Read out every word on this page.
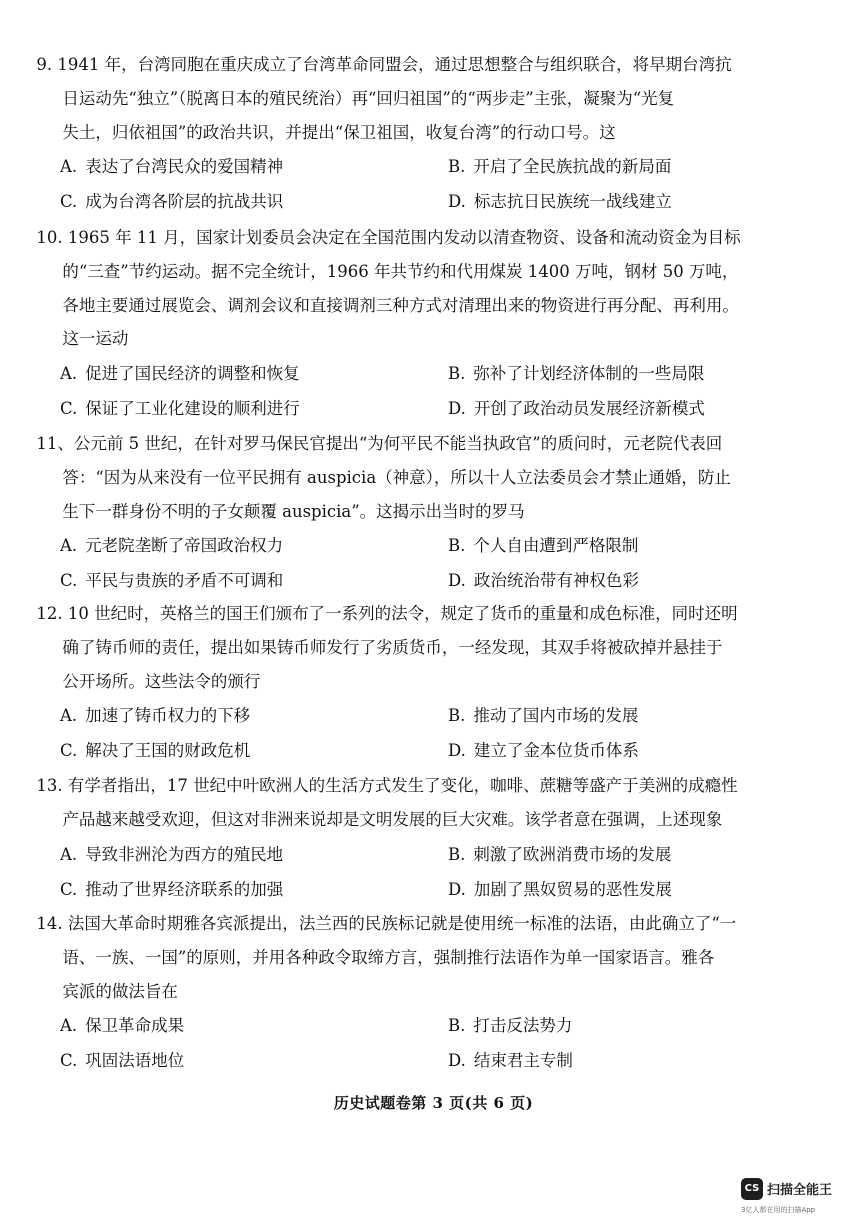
9. 1941 年，台湾同胞在重庆成立了台湾革命同盟会，通过思想整合与组织联合，将早期台湾抗
日运动先“独立”（脱离日本的殖民统治）再“回归祖国”的“两步走”主张，凝聚为“光复
失土，归依祖国”的政治共识，并提出“保卫祖国，收复台湾”的行动口号。这
A. 表达了台湾民众的爱国精神	B. 开启了全民族抗战的新局面
C. 成为台湾各阶层的抗战共识	D. 标志抗日民族统一战线建立
10. 1965 年 11 月，国家计划委员会决定在全国范围内发动以清查物资、设备和流动资金为目标
的“三查”节约运动。据不完全统计，1966 年共节约和代用煤炭 1400 万吨，钢材 50 万吨，
各地主要通过展览会、调剂会议和直接调剂三种方式对清理出来的物资进行再分配、再利用。
这一运动
A. 促进了国民经济的调整和恢复	B. 弥补了计划经济体制的一些局限
C. 保证了工业化建设的顺利进行	D. 开创了政治动员发展经济新模式
11、公元前 5 世纪，在针对罗马保民官提出“为何平民不能当执政官”的质问时，元老院代表回
答：“因为从来没有一位平民拥有 auspicia（神意），所以十人立法委员会才禁止通婚，防止
生下一群身份不明的子女颠覆 auspicia”。这揭示出当时的罗马
A. 元老院垄断了帝国政治权力	B. 个人自由遭到严格限制
C. 平民与贵族的矛盾不可调和	D. 政治统治带有神权色彩
12. 10 世纪时，英格兰的国王们颁布了一系列的法令，规定了货币的重量和成色标准，同时还明
确了铸币师的责任，提出如果铸币师发行了劣质货币，一经发现，其双手将被砍掉并悬挂于
公开场所。这些法令的颁行
A. 加速了铸币权力的下移	B. 推动了国内市场的发展
C. 解决了王国的财政危机	D. 建立了金本位货币体系
13. 有学者指出，17 世纪中叶欧洲人的生活方式发生了变化，咖啡、蔗糖等盛产于美洲的成瘾性
产品越来越受欢迎，但这对非洲来说却是文明发展的巨大灾难。该学者意在强调，上述现象
A. 导致非洲沦为西方的殖民地	B. 刺激了欧洲消费市场的发展
C. 推动了世界经济联系的加强	D. 加剧了黑奴贸易的恶性发展
14. 法国大革命时期雅各宾派提出，法兰西的民族标记就是使用统一标准的法语，由此确立了“一
语、一族、一国”的原则，并用各种政令取缔方言，强制推行法语作为单一国家语言。雅各
宾派的做法旨在
A. 保卫革命成果	B. 打击反法势力
C. 巩固法语地位	D. 结束君主专制
历史试题卷第 3 页(共 6 页)
CS 扫描全能王
3亿人都在用的扫描App
